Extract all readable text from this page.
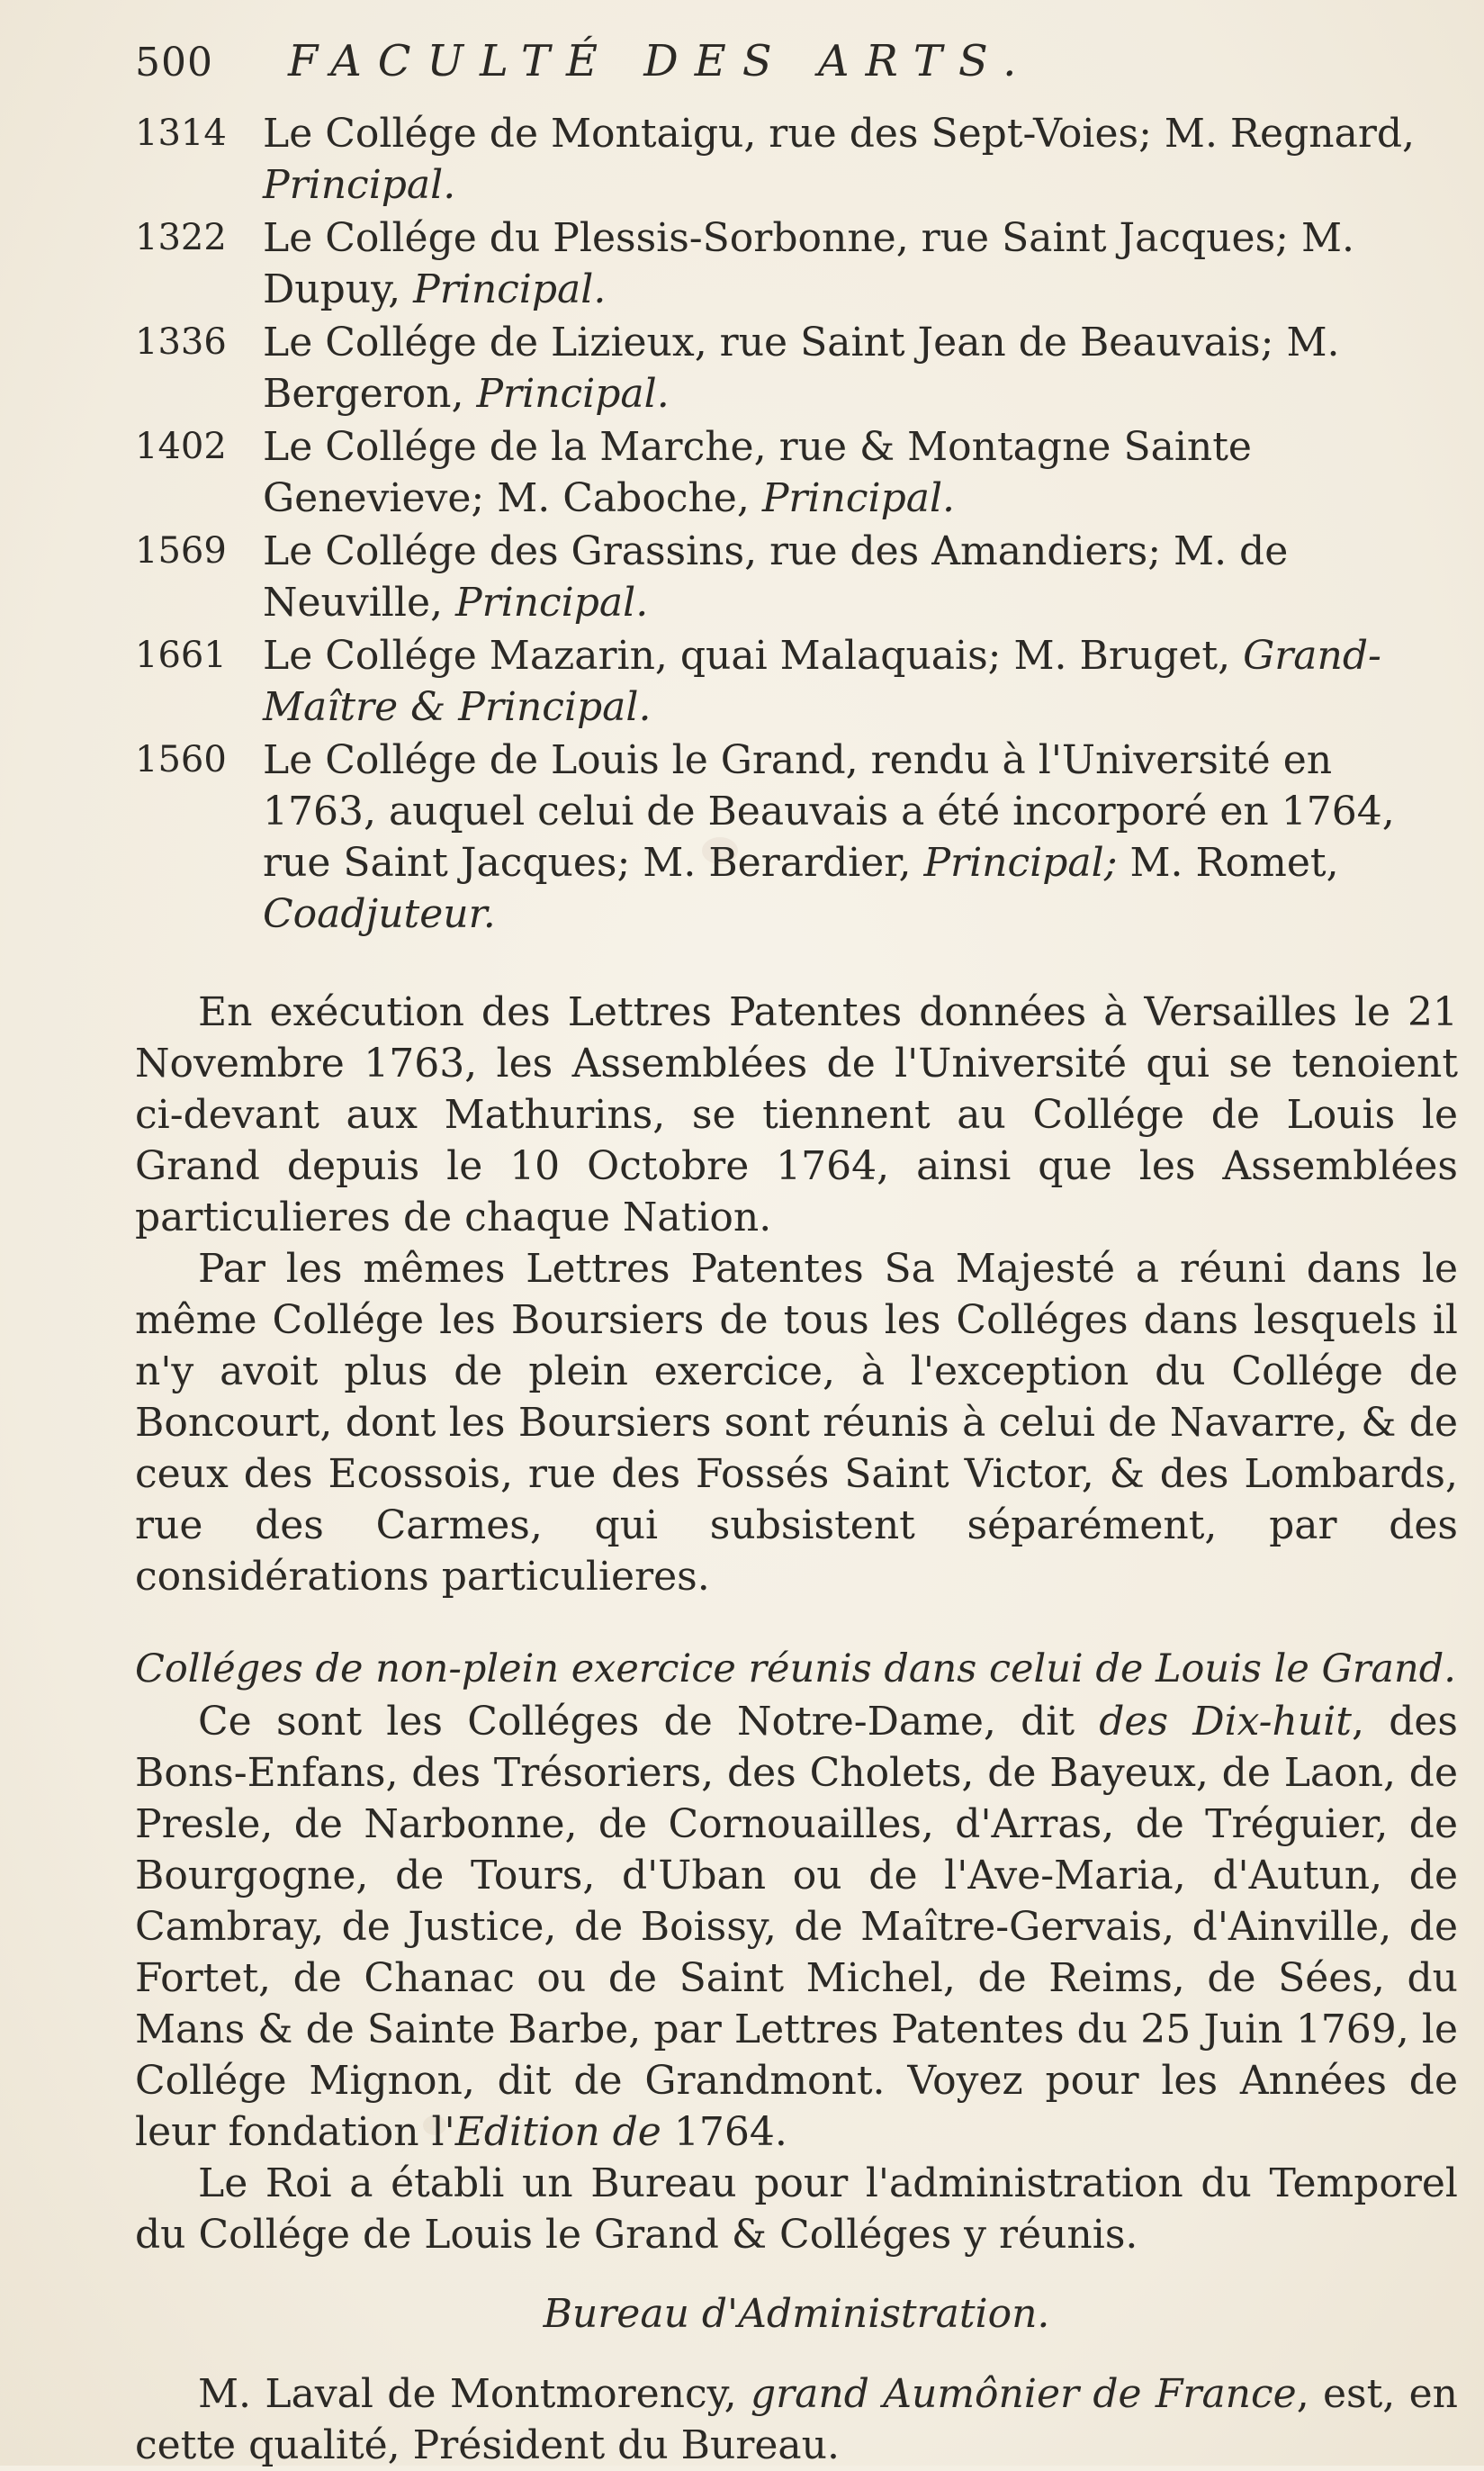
500	FACULTÉ DES ARTS.

1314 Le Collége de Montaigu, rue des Sept-Voies; M. Regnard, Principal.

1322 Le Collége du Plessis-Sorbonne, rue Saint Jacques; M. Dupuy, Principal.

1336 Le Collége de Lizieux, rue Saint Jean de Beauvais; M. Bergeron, Principal.

1402 Le Collége de la Marche, rue & Montagne Sainte Genevieve; M. Caboche, Principal.

1569 Le Collége des Grassins, rue des Amandiers; M. de Neuville, Principal.

1661 Le Collége Mazarin, quai Malaquais; M. Bruget, Grand-Maître & Principal.

1560 Le Collége de Louis le Grand, rendu à l'Université en 1763, auquel celui de Beauvais a été incorporé en 1764, rue Saint Jacques; M. Berardier, Principal; M. Romet, Coadjuteur.

En exécution des Lettres Patentes données à Versailles le 21 Novembre 1763, les Assemblées de l'Université qui se tenoient ci-devant aux Mathurins, se tiennent au Collége de Louis le Grand depuis le 10 Octobre 1764, ainsi que les Assemblées particulieres de chaque Nation.

Par les mêmes Lettres Patentes Sa Majesté a réuni dans le même Collége les Boursiers de tous les Colléges dans lesquels il n'y avoit plus de plein exercice, à l'exception du Collége de Boncourt, dont les Boursiers sont réunis à celui de Navarre, & de ceux des Ecossois, rue des Fossés Saint Victor, & des Lombards, rue des Carmes, qui subsistent séparément, par des considérations particulieres.

Colléges de non-plein exercice réunis dans celui de Louis le Grand.

Ce sont les Colléges de Notre-Dame, dit des Dix-huit, des Bons-Enfans, des Trésoriers, des Cholets, de Bayeux, de Laon, de Presle, de Narbonne, de Cornouailles, d'Arras, de Tréguier, de Bourgogne, de Tours, d'Uban ou de l'Ave-Maria, d'Autun, de Cambray, de Justice, de Boissy, de Maître-Gervais, d'Ainville, de Fortet, de Chanac ou de Saint Michel, de Reims, de Sées, du Mans & de Sainte Barbe, par Lettres Patentes du 25 Juin 1769, le Collége Mignon, dit de Grandmont. Voyez pour les Années de leur fondation l'Edition de 1764.

Le Roi a établi un Bureau pour l'administration du Temporel du Collége de Louis le Grand & Colléges y réunis.

Bureau d'Administration.

M. Laval de Montmorency, grand Aumônier de France, est, en cette qualité, Président du Bureau.
